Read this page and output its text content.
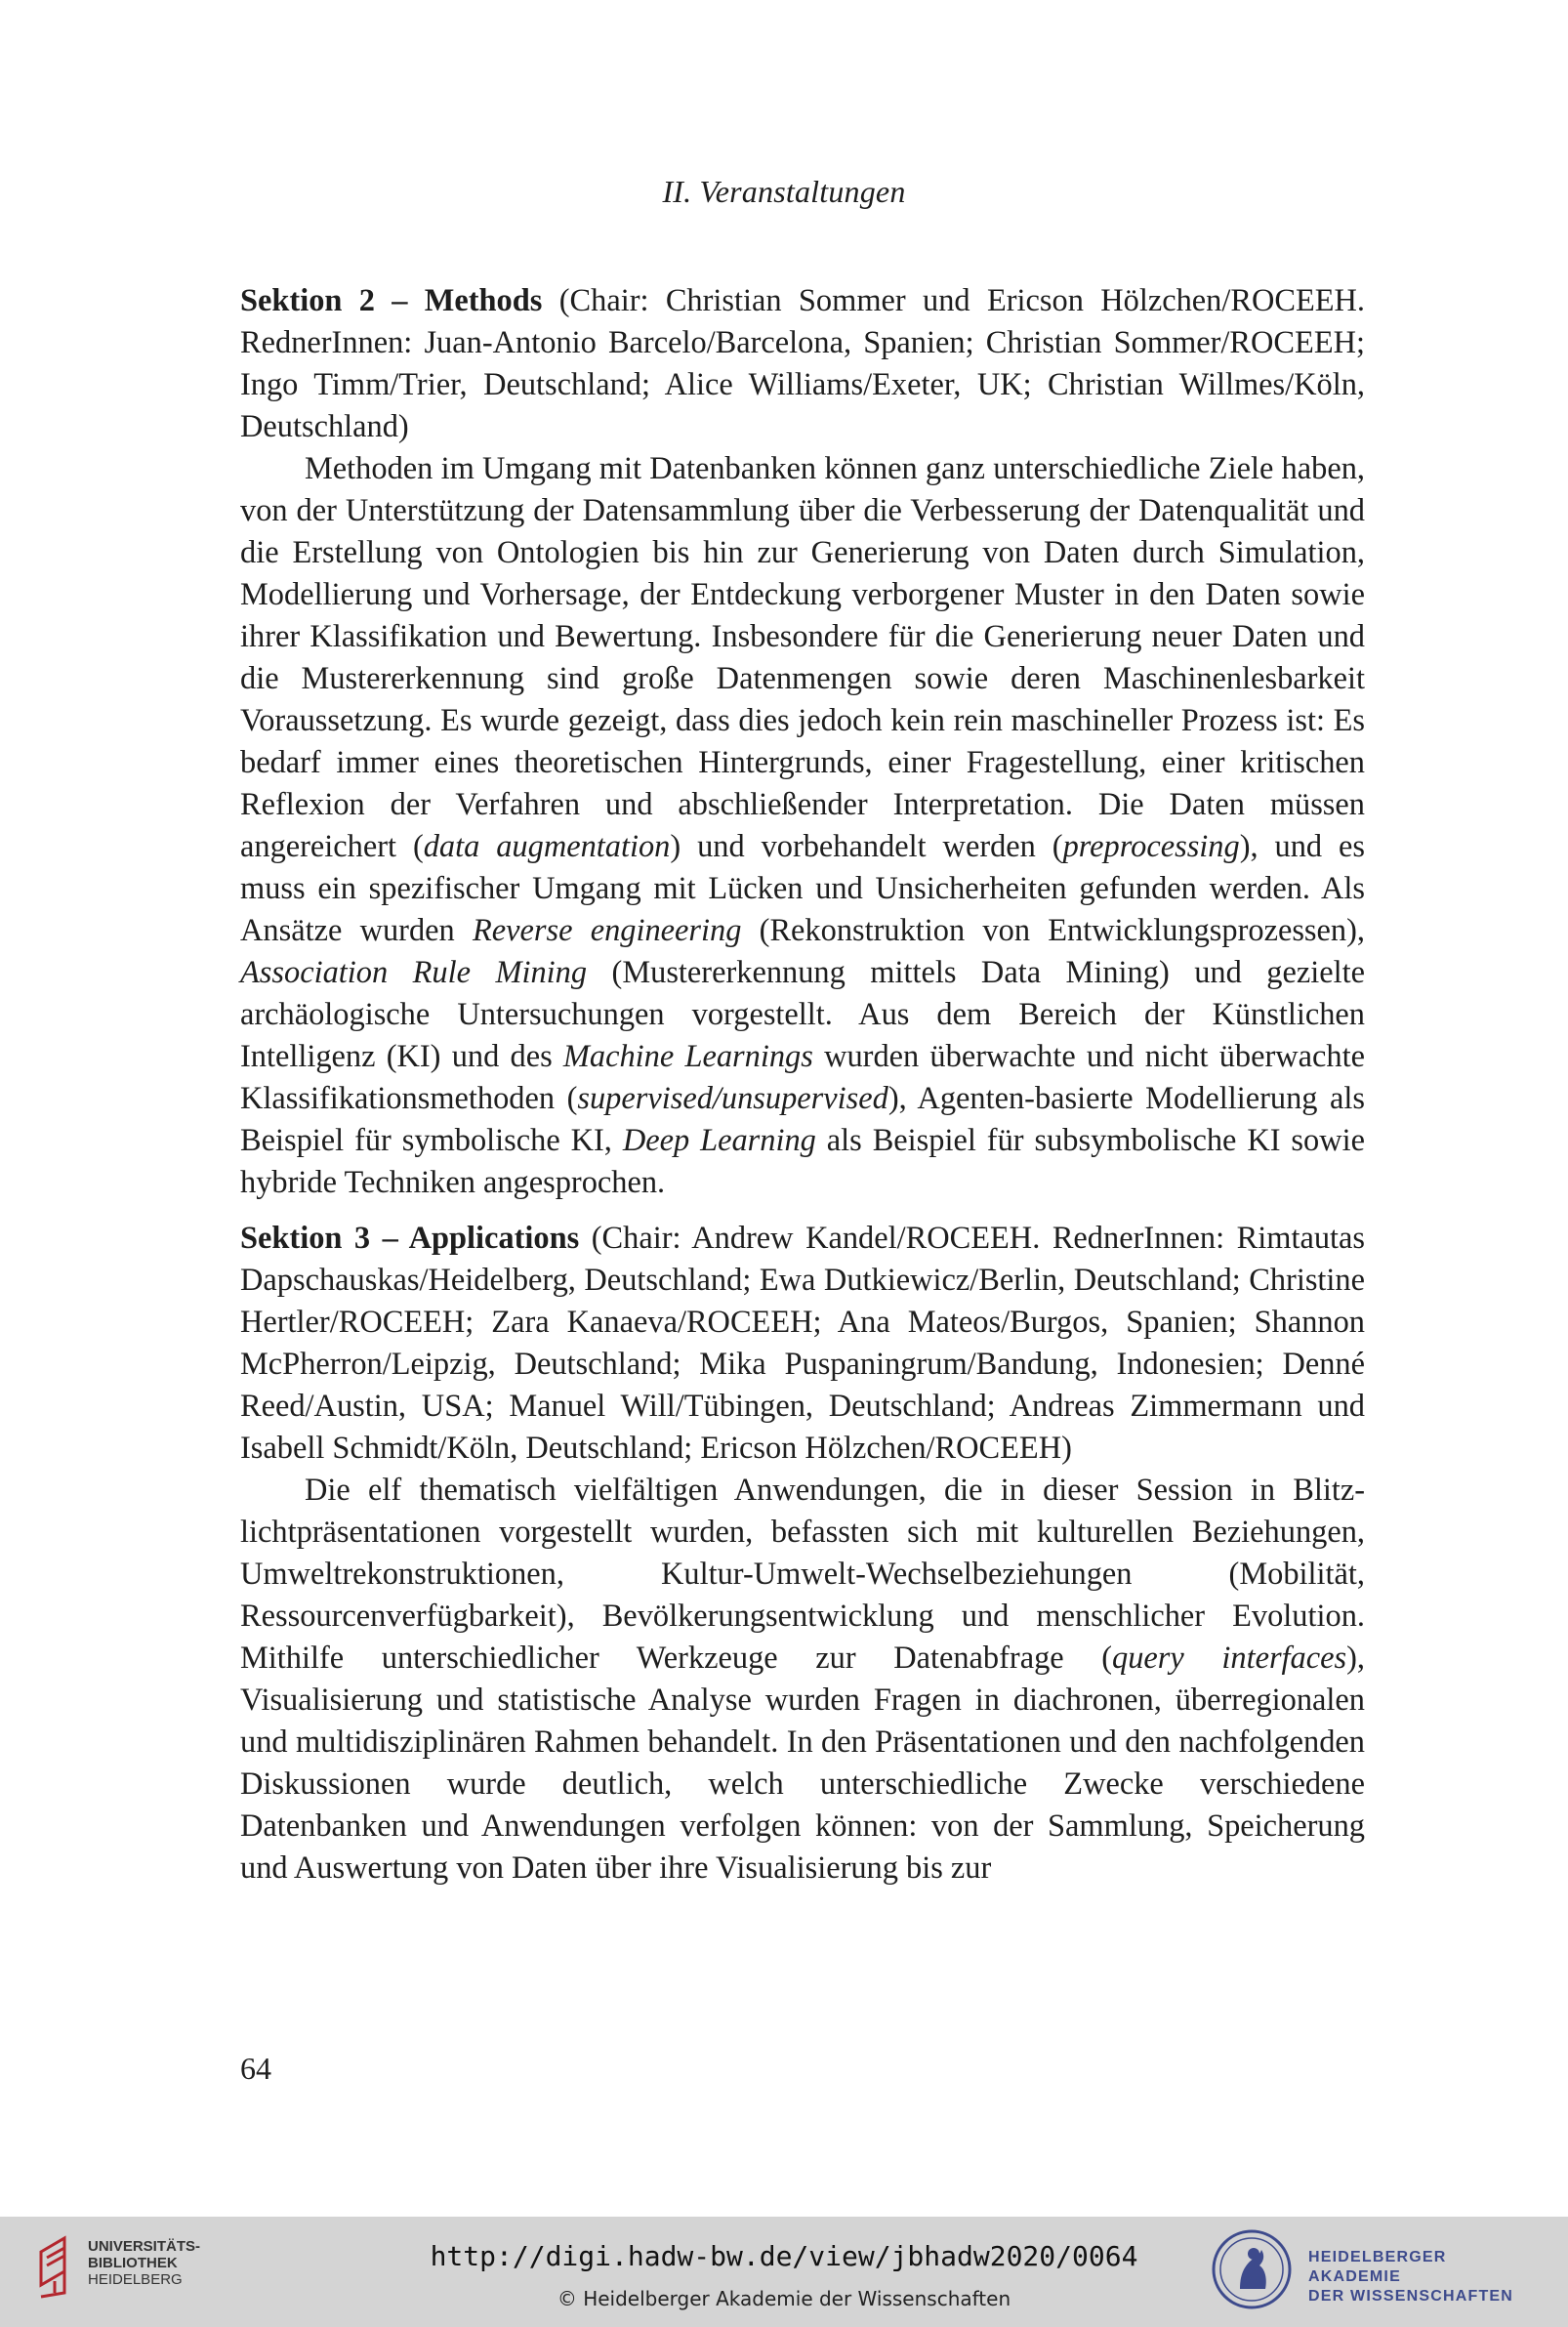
II. Veranstaltungen

Sektion 2 – Methods (Chair: Christian Sommer und Ericson Hölzchen/ROCEEH. RednerInnen: Juan-Antonio Barcelo/Barcelona, Spanien; Christian Sommer/ROCEEH; Ingo Timm/Trier, Deutschland; Alice Williams/Exeter, UK; Christian Willmes/Köln, Deutschland)

Methoden im Umgang mit Datenbanken können ganz unterschiedliche Ziele haben, von der Unterstützung der Datensammlung über die Verbesserung der Datenqualität und die Erstellung von Ontologien bis hin zur Generierung von Daten durch Simulation, Modellierung und Vorhersage, der Entdeckung verborgener Muster in den Daten sowie ihrer Klassifikation und Bewertung. Insbesondere für die Generierung neuer Daten und die Mustererkennung sind große Datenmengen sowie deren Maschinenlesbarkeit Voraussetzung. Es wurde gezeigt, dass dies jedoch kein rein maschineller Prozess ist: Es bedarf immer eines theoretischen Hintergrunds, einer Fragestellung, einer kritischen Reflexion der Verfahren und abschließender Interpretation. Die Daten müssen angereichert (data augmentation) und vorbehandelt werden (preprocessing), und es muss ein spezifischer Umgang mit Lücken und Unsicherheiten gefunden werden. Als Ansätze wurden Reverse engineering (Rekonstruktion von Entwicklungsprozessen), Association Rule Mining (Mustererkennung mittels Data Mining) und gezielte archäologische Untersuchungen vorgestellt. Aus dem Bereich der Künstlichen Intelligenz (KI) und des Machine Learnings wurden überwachte und nicht überwachte Klassifikationsmethoden (supervised/unsupervised), Agenten-basierte Modellierung als Beispiel für symbolische KI, Deep Learning als Beispiel für subsymbolische KI sowie hybride Techniken angesprochen.

Sektion 3 – Applications (Chair: Andrew Kandel/ROCEEH. RednerInnen: Rimtautas Dapschauskas/Heidelberg, Deutschland; Ewa Dutkiewicz/Berlin, Deutschland; Christine Hertler/ROCEEH; Zara Kanaeva/ROCEEH; Ana Mateos/Burgos, Spanien; Shannon McPherron/Leipzig, Deutschland; Mika Puspaningrum/Bandung, Indonesien; Denné Reed/Austin, USA; Manuel Will/Tübingen, Deutschland; Andreas Zimmermann und Isabell Schmidt/Köln, Deutschland; Ericson Hölzchen/ROCEEH)

Die elf thematisch vielfältigen Anwendungen, die in dieser Session in Blitzlichtpräsentationen vorgestellt wurden, befassten sich mit kulturellen Beziehungen, Umweltrekonstruktionen, Kultur-Umwelt-Wechselbeziehungen (Mobilität, Ressourcenverfügbarkeit), Bevölkerungsentwicklung und menschlicher Evolution. Mithilfe unterschiedlicher Werkzeuge zur Datenabfrage (query interfaces), Visualisierung und statistische Analyse wurden Fragen in diachronen, überregionalen und multidisziplinären Rahmen behandelt. In den Präsentationen und den nachfolgenden Diskussionen wurde deutlich, welch unterschiedliche Zwecke verschiedene Datenbanken und Anwendungen verfolgen können: von der Sammlung, Speicherung und Auswertung von Daten über ihre Visualisierung bis zur

64
UNIVERSITÄTS-
BIBLIOTHEK
HEIDELBERG
http://digi.hadw-bw.de/view/jbhadw2020/0064
© Heidelberger Akademie der Wissenschaften
HEIDELBERGER AKADEMIE
DER WISSENSCHAFTEN
